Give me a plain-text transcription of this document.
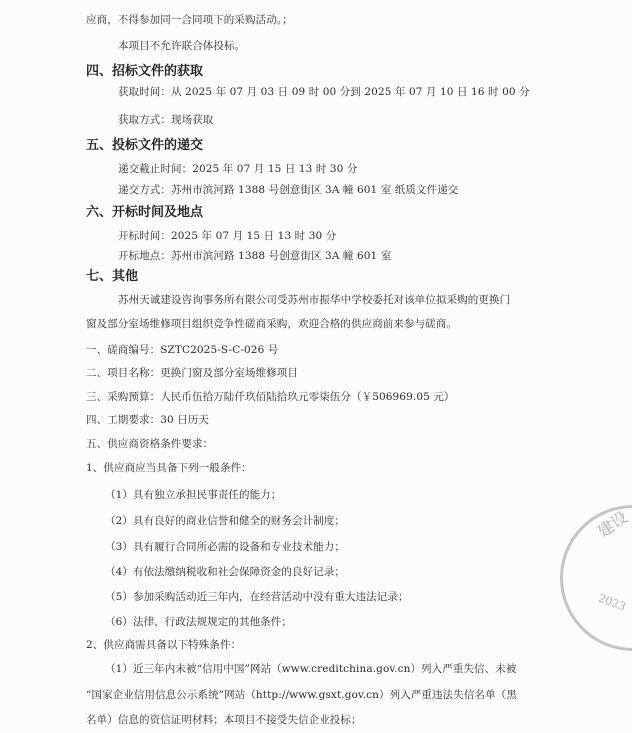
应商，不得参加同一合同项下的采购活动。；
本项目不允许联合体投标。
四、招标文件的获取
获取时间：从 2025 年 07 月 03 日 09 时 00 分到 2025 年 07 月 10 日 16 时 00 分
获取方式：现场获取
五、投标文件的递交
递交截止时间：2025 年 07 月 15 日 13 时 30 分
递交方式：苏州市滨河路 1388 号创意街区 3A 幢 601 室 纸质文件递交
六、开标时间及地点
开标时间：2025 年 07 月 15 日 13 时 30 分
开标地点：苏州市滨河路 1388 号创意街区 3A 幢 601 室
七、其他
苏州天诚建设咨询事务所有限公司受苏州市振华中学校委托对该单位拟采购的更换门
窗及部分室场维修项目组织竞争性磋商采购，欢迎合格的供应商前来参与磋商。
一、磋商编号：SZTC2025-S-C-026 号
二、项目名称：更换门窗及部分室场维修项目
三、采购预算：人民币伍拾万陆仟玖佰陆拾玖元零柒伍分（￥506969.05 元）
四、工期要求：30 日历天
五、供应商资格条件要求：
1、供应商应当具备下列一般条件：
（1）具有独立承担民事责任的能力；
（2）具有良好的商业信誉和健全的财务会计制度；
（3）具有履行合同所必需的设备和专业技术能力；
（4）有依法缴纳税收和社会保障资金的良好记录；
（5）参加采购活动近三年内，在经营活动中没有重大违法记录；
（6）法律、行政法规规定的其他条件；
2、供应商需具备以下特殊条件：
（1）近三年内未被“信用中国”网站（www.creditchina.gov.cn）列入严重失信、未被
“国家企业信用信息公示系统”网站（http://www.gsxt.gov.cn）列入严重违法失信名单（黑
名单）信息的资信证明材料；本项目不接受失信企业投标；
建设
2023
